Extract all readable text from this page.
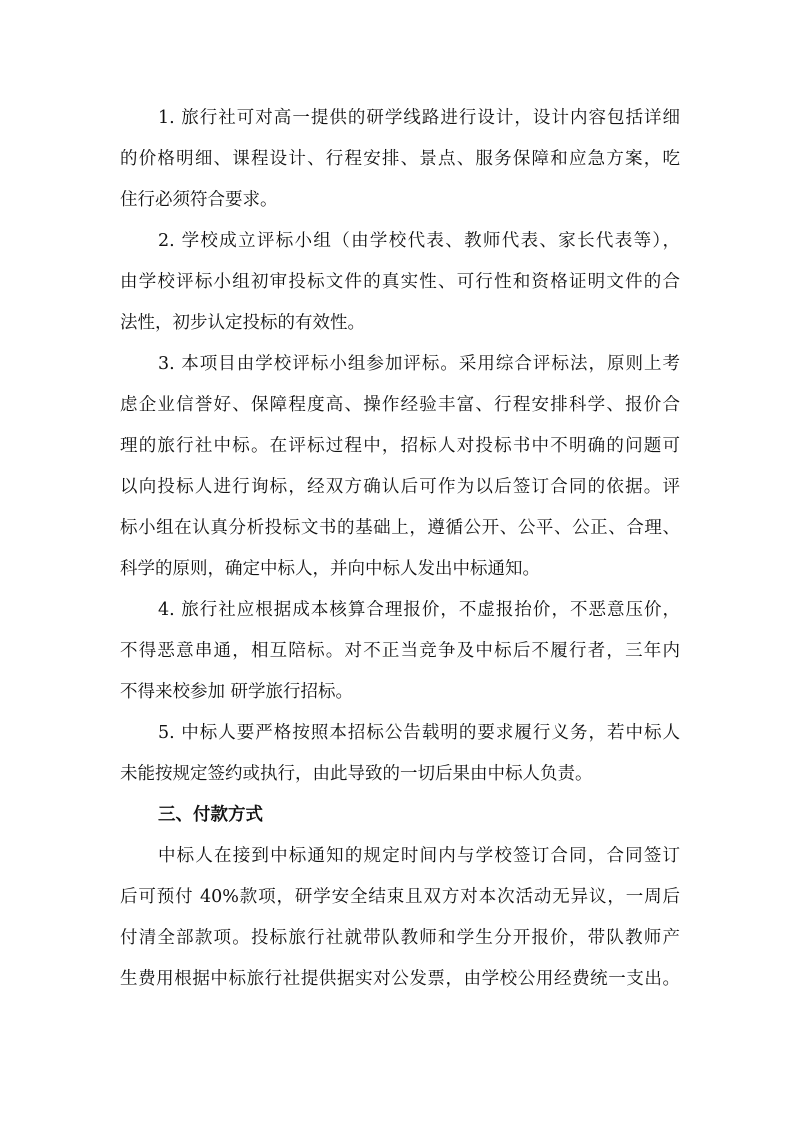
1. 旅行社可对高一提供的研学线路进行设计，设计内容包括详细
的价格明细、课程设计、行程安排、景点、服务保障和应急方案，吃
住行必须符合要求。
2. 学校成立评标小组（由学校代表、教师代表、家长代表等），
由学校评标小组初审投标文件的真实性、可行性和资格证明文件的合
法性，初步认定投标的有效性。
3. 本项目由学校评标小组参加评标。采用综合评标法，原则上考
虑企业信誉好、保障程度高、操作经验丰富、行程安排科学、报价合
理的旅行社中标。在评标过程中，招标人对投标书中不明确的问题可
以向投标人进行询标，经双方确认后可作为以后签订合同的依据。评
标小组在认真分析投标文书的基础上，遵循公开、公平、公正、合理、
科学的原则，确定中标人，并向中标人发出中标通知。
4. 旅行社应根据成本核算合理报价，不虚报抬价，不恶意压价，
不得恶意串通，相互陪标。对不正当竞争及中标后不履行者，三年内
不得来校参加 研学旅行招标。
5. 中标人要严格按照本招标公告载明的要求履行义务，若中标人
未能按规定签约或执行，由此导致的一切后果由中标人负责。
三、付款方式
中标人在接到中标通知的规定时间内与学校签订合同，合同签订
后可预付 40%款项，研学安全结束且双方对本次活动无异议，一周后
付清全部款项。投标旅行社就带队教师和学生分开报价，带队教师产
生费用根据中标旅行社提供据实对公发票，由学校公用经费统一支出。
